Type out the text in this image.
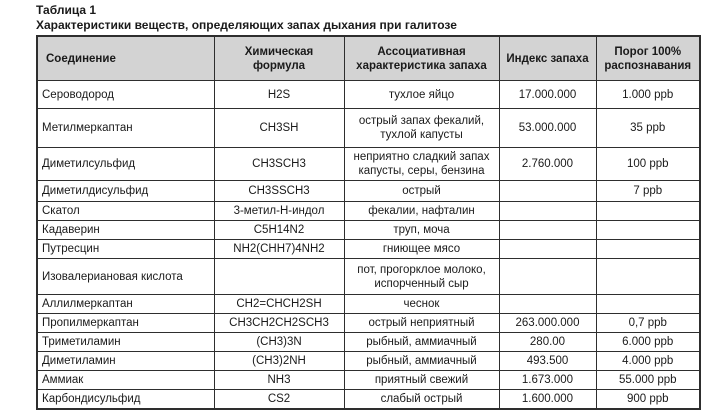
Таблица 1
Характеристики веществ, определяющих запах дыхания при галитозе
Соединение	Химическая формула	Ассоциативная характеристика запаха	Индекс запаха	Порог 100% распознавания
Сероводород	H2S	тухлое яйцо	17.000.000	1.000 ppb
Метилмеркаптан	CH3SH	острый запах фекалий, тухлой капусты	53.000.000	35 ppb
Диметилсульфид	CH3SCH3	неприятно сладкий запах капусты, серы, бензина	2.760.000	100 ppb
Диметилдисульфид	CH3SSCH3	острый		7 ppb
Скатол	3-метил-Н-индол	фекалии, нафталин		
Кадаверин	C5H14N2	труп, моча		
Путресцин	NH2(CHH7)4NH2	гниющее мясо		
Изовалериановая кислота		пот, прогорклое молоко, испорченный сыр		
Аллилмеркаптан	CH2=CHCH2SH	чеснок		
Пропилмеркаптан	CH3CH2CH2SCH3	острый неприятный	263.000.000	0,7 ppb
Триметиламин	(CH3)3N	рыбный, аммиачный	280.00	6.000 ppb
Диметиламин	(CH3)2NH	рыбный, аммиачный	493.500	4.000 ppb
Аммиак	NH3	приятный свежий	1.673.000	55.000 ppb
Карбондисульфид	CS2	слабый острый	1.600.000	900 ppb
